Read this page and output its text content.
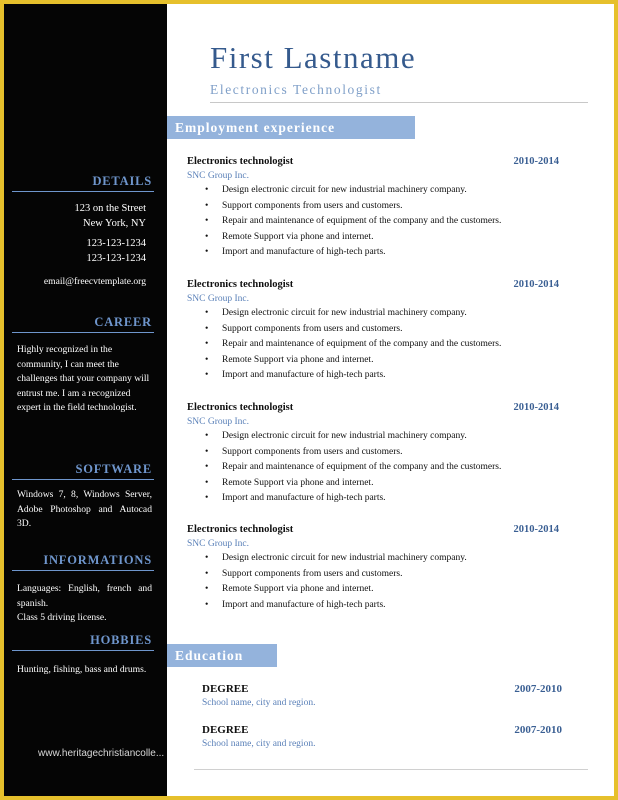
DETAILS
123 on the Street
New York, NY
123-123-1234
123-123-1234
email@freecvtemplate.org
CAREER
Highly recognized in the community, I can meet the challenges that your company will entrust me. I am a recognized expert in the field technologist.
SOFTWARE
Windows 7, 8, Windows Server, Adobe Photoshop and Autocad 3D.
INFORMATIONS
Languages: English, french and spanish.
Class 5 driving license.
HOBBIES
Hunting, fishing, bass and drums.
www.heritagechristiancolle...
First Lastname
Electronics Technologist
Employment experience
Electronics technologist	2010-2014
SNC Group Inc.
• Design electronic circuit for new industrial machinery company.
• Support components from users and customers.
• Repair and maintenance of equipment of the company and the customers.
• Remote Support via phone and internet.
• Import and manufacture of high-tech parts.
Electronics technologist	2010-2014
SNC Group Inc.
• Design electronic circuit for new industrial machinery company.
• Support components from users and customers.
• Repair and maintenance of equipment of the company and the customers.
• Remote Support via phone and internet.
• Import and manufacture of high-tech parts.
Electronics technologist	2010-2014
SNC Group Inc.
• Design electronic circuit for new industrial machinery company.
• Support components from users and customers.
• Repair and maintenance of equipment of the company and the customers.
• Remote Support via phone and internet.
• Import and manufacture of high-tech parts.
Electronics technologist	2010-2014
SNC Group Inc.
• Design electronic circuit for new industrial machinery company.
• Support components from users and customers.
• Remote Support via phone and internet.
• Import and manufacture of high-tech parts.
Education
DEGREE	2007-2010
School name, city and region.
DEGREE	2007-2010
School name, city and region.
